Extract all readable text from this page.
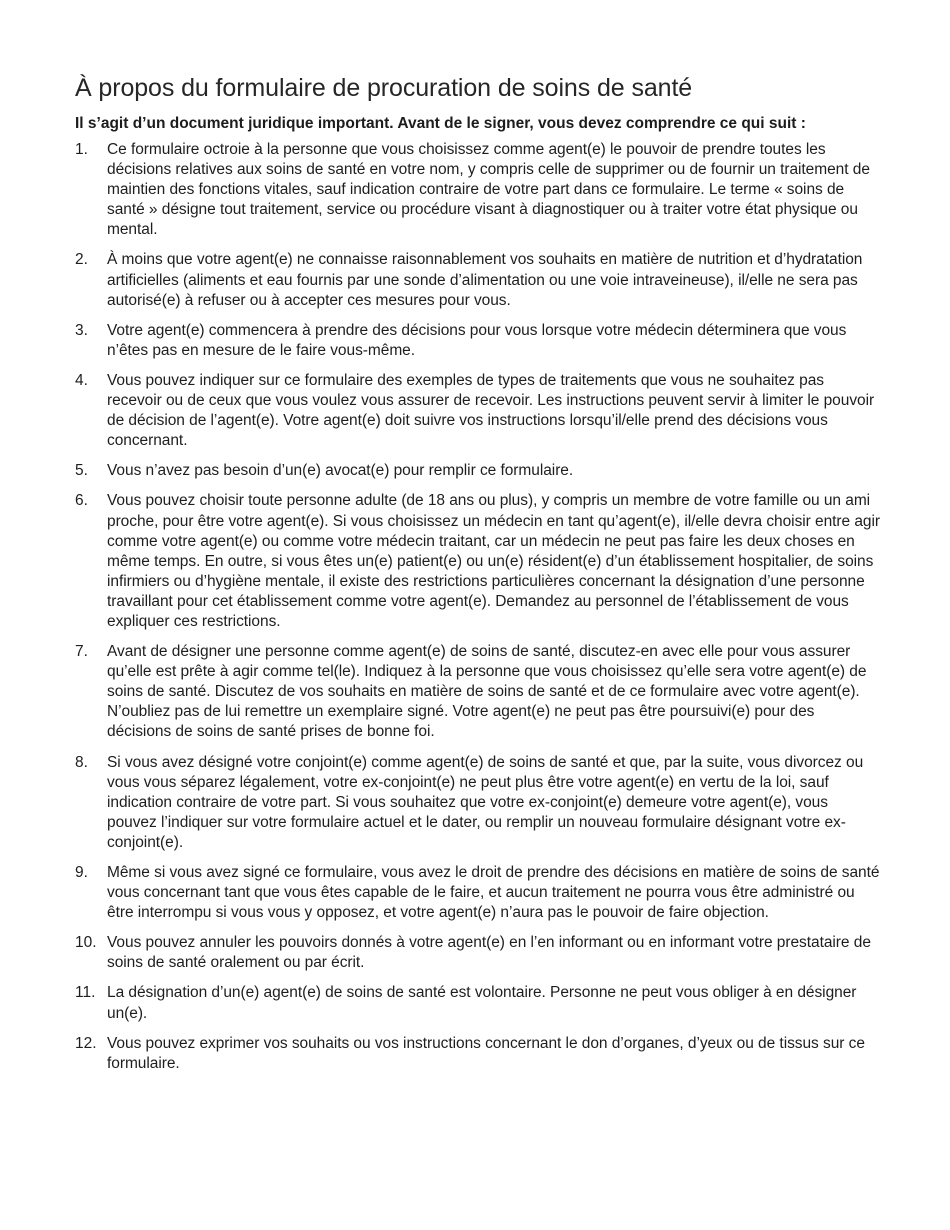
À propos du formulaire de procuration de soins de santé

Il s’agit d’un document juridique important. Avant de le signer, vous devez comprendre ce qui suit :

1.	Ce formulaire octroie à la personne que vous choisissez comme agent(e) le pouvoir de prendre toutes les décisions relatives aux soins de santé en votre nom, y compris celle de supprimer ou de fournir un traitement de maintien des fonctions vitales, sauf indication contraire de votre part dans ce formulaire. Le terme « soins de santé » désigne tout traitement, service ou procédure visant à diagnostiquer ou à traiter votre état physique ou mental.
2.	À moins que votre agent(e) ne connaisse raisonnablement vos souhaits en matière de nutrition et d’hydratation artificielles (aliments et eau fournis par une sonde d’alimentation ou une voie intraveineuse), il/elle ne sera pas autorisé(e) à refuser ou à accepter ces mesures pour vous.
3.	Votre agent(e) commencera à prendre des décisions pour vous lorsque votre médecin déterminera que vous n’êtes pas en mesure de le faire vous-même.
4.	Vous pouvez indiquer sur ce formulaire des exemples de types de traitements que vous ne souhaitez pas recevoir ou de ceux que vous voulez vous assurer de recevoir. Les instructions peuvent servir à limiter le pouvoir de décision de l’agent(e). Votre agent(e) doit suivre vos instructions lorsqu’il/elle prend des décisions vous concernant.
5.	Vous n’avez pas besoin d’un(e) avocat(e) pour remplir ce formulaire.
6.	Vous pouvez choisir toute personne adulte (de 18 ans ou plus), y compris un membre de votre famille ou un ami proche, pour être votre agent(e). Si vous choisissez un médecin en tant qu’agent(e), il/elle devra choisir entre agir comme votre agent(e) ou comme votre médecin traitant, car un médecin ne peut pas faire les deux choses en même temps. En outre, si vous êtes un(e) patient(e) ou un(e) résident(e) d’un établissement hospitalier, de soins infirmiers ou d’hygiène mentale, il existe des restrictions particulières concernant la désignation d’une personne travaillant pour cet établissement comme votre agent(e). Demandez au personnel de l’établissement de vous expliquer ces restrictions.
7.	Avant de désigner une personne comme agent(e) de soins de santé, discutez-en avec elle pour vous assurer qu’elle est prête à agir comme tel(le). Indiquez à la personne que vous choisissez qu’elle sera votre agent(e) de soins de santé. Discutez de vos souhaits en matière de soins de santé et de ce formulaire avec votre agent(e). N’oubliez pas de lui remettre un exemplaire signé. Votre agent(e) ne peut pas être poursuivi(e) pour des décisions de soins de santé prises de bonne foi.
8.	Si vous avez désigné votre conjoint(e) comme agent(e) de soins de santé et que, par la suite, vous divorcez ou vous vous séparez légalement, votre ex-conjoint(e) ne peut plus être votre agent(e) en vertu de la loi, sauf indication contraire de votre part. Si vous souhaitez que votre ex-conjoint(e) demeure votre agent(e), vous pouvez l’indiquer sur votre formulaire actuel et le dater, ou remplir un nouveau formulaire désignant votre ex-conjoint(e).
9.	Même si vous avez signé ce formulaire, vous avez le droit de prendre des décisions en matière de soins de santé vous concernant tant que vous êtes capable de le faire, et aucun traitement ne pourra vous être administré ou être interrompu si vous vous y opposez, et votre agent(e) n’aura pas le pouvoir de faire objection.
10. Vous pouvez annuler les pouvoirs donnés à votre agent(e) en l’en informant ou en informant votre prestataire de soins de santé oralement ou par écrit.
11. La désignation d’un(e) agent(e) de soins de santé est volontaire. Personne ne peut vous obliger à en désigner un(e).
12. Vous pouvez exprimer vos souhaits ou vos instructions concernant le don d’organes, d’yeux ou de tissus sur ce formulaire.
